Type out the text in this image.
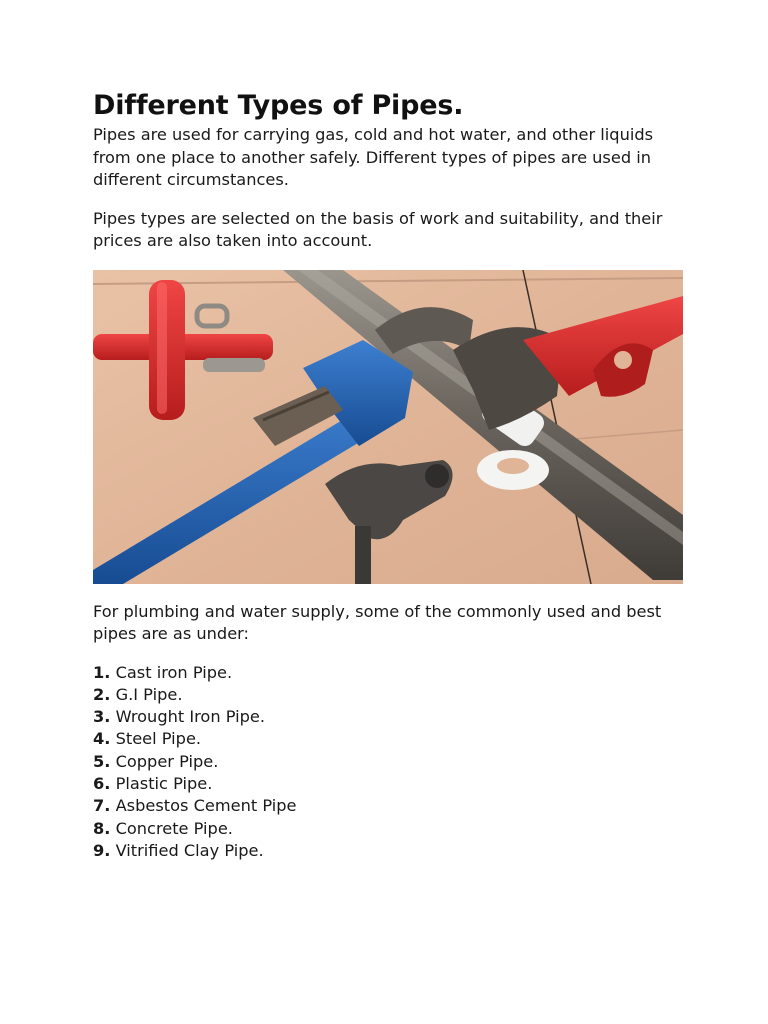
Different Types of Pipes.

Pipes are used for carrying gas, cold and hot water, and other liquids from one place to another safely. Different types of pipes are used in different circumstances.

Pipes types are selected on the basis of work and suitability, and their prices are also taken into account.

For plumbing and water supply, some of the commonly used and best pipes are as under:

1. Cast iron Pipe.
2. G.I Pipe.
3. Wrought Iron Pipe.
4. Steel Pipe.
5. Copper Pipe.
6. Plastic Pipe.
7. Asbestos Cement Pipe
8. Concrete Pipe.
9. Vitrified Clay Pipe.
